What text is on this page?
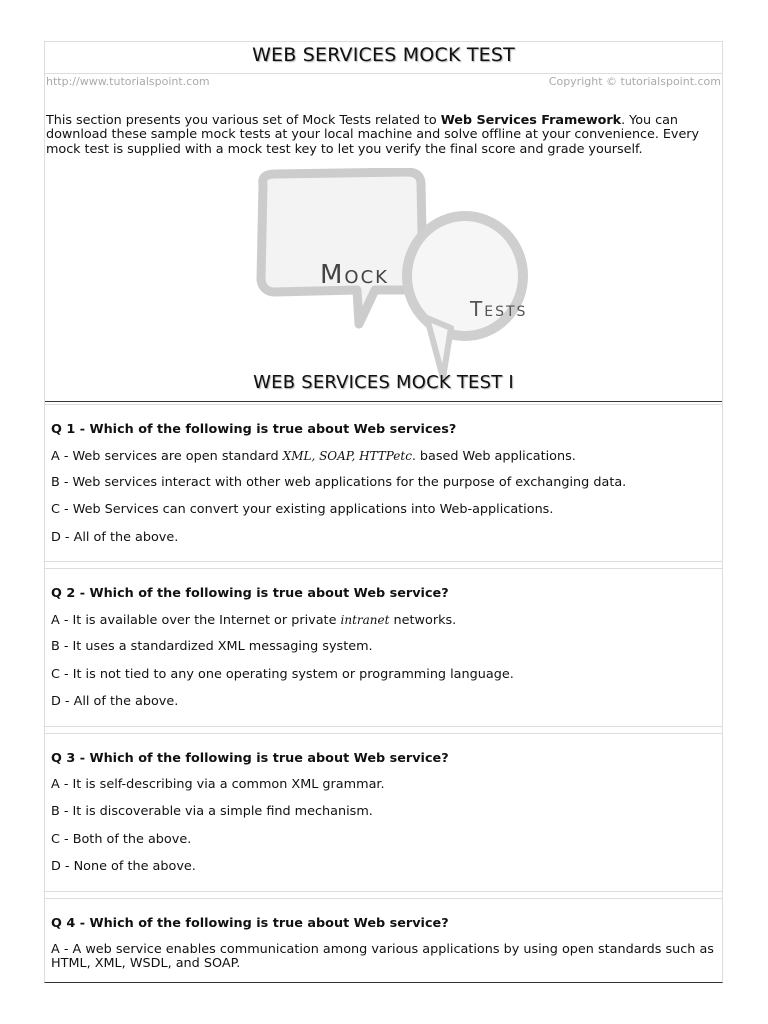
WEB SERVICES MOCK TEST
http://www.tutorialspoint.com	Copyright © tutorialspoint.com
This section presents you various set of Mock Tests related to Web Services Framework. You can download these sample mock tests at your local machine and solve offline at your convenience. Every mock test is supplied with a mock test key to let you verify the final score and grade yourself.
Mock
Tests
WEB SERVICES MOCK TEST I
Q 1 - Which of the following is true about Web services?
A - Web services are open standard XML, SOAP, HTTPetc. based Web applications.
B - Web services interact with other web applications for the purpose of exchanging data.
C - Web Services can convert your existing applications into Web-applications.
D - All of the above.
Q 2 - Which of the following is true about Web service?
A - It is available over the Internet or private intranet networks.
B - It uses a standardized XML messaging system.
C - It is not tied to any one operating system or programming language.
D - All of the above.
Q 3 - Which of the following is true about Web service?
A - It is self-describing via a common XML grammar.
B - It is discoverable via a simple find mechanism.
C - Both of the above.
D - None of the above.
Q 4 - Which of the following is true about Web service?
A - A web service enables communication among various applications by using open standards such as HTML, XML, WSDL, and SOAP.
